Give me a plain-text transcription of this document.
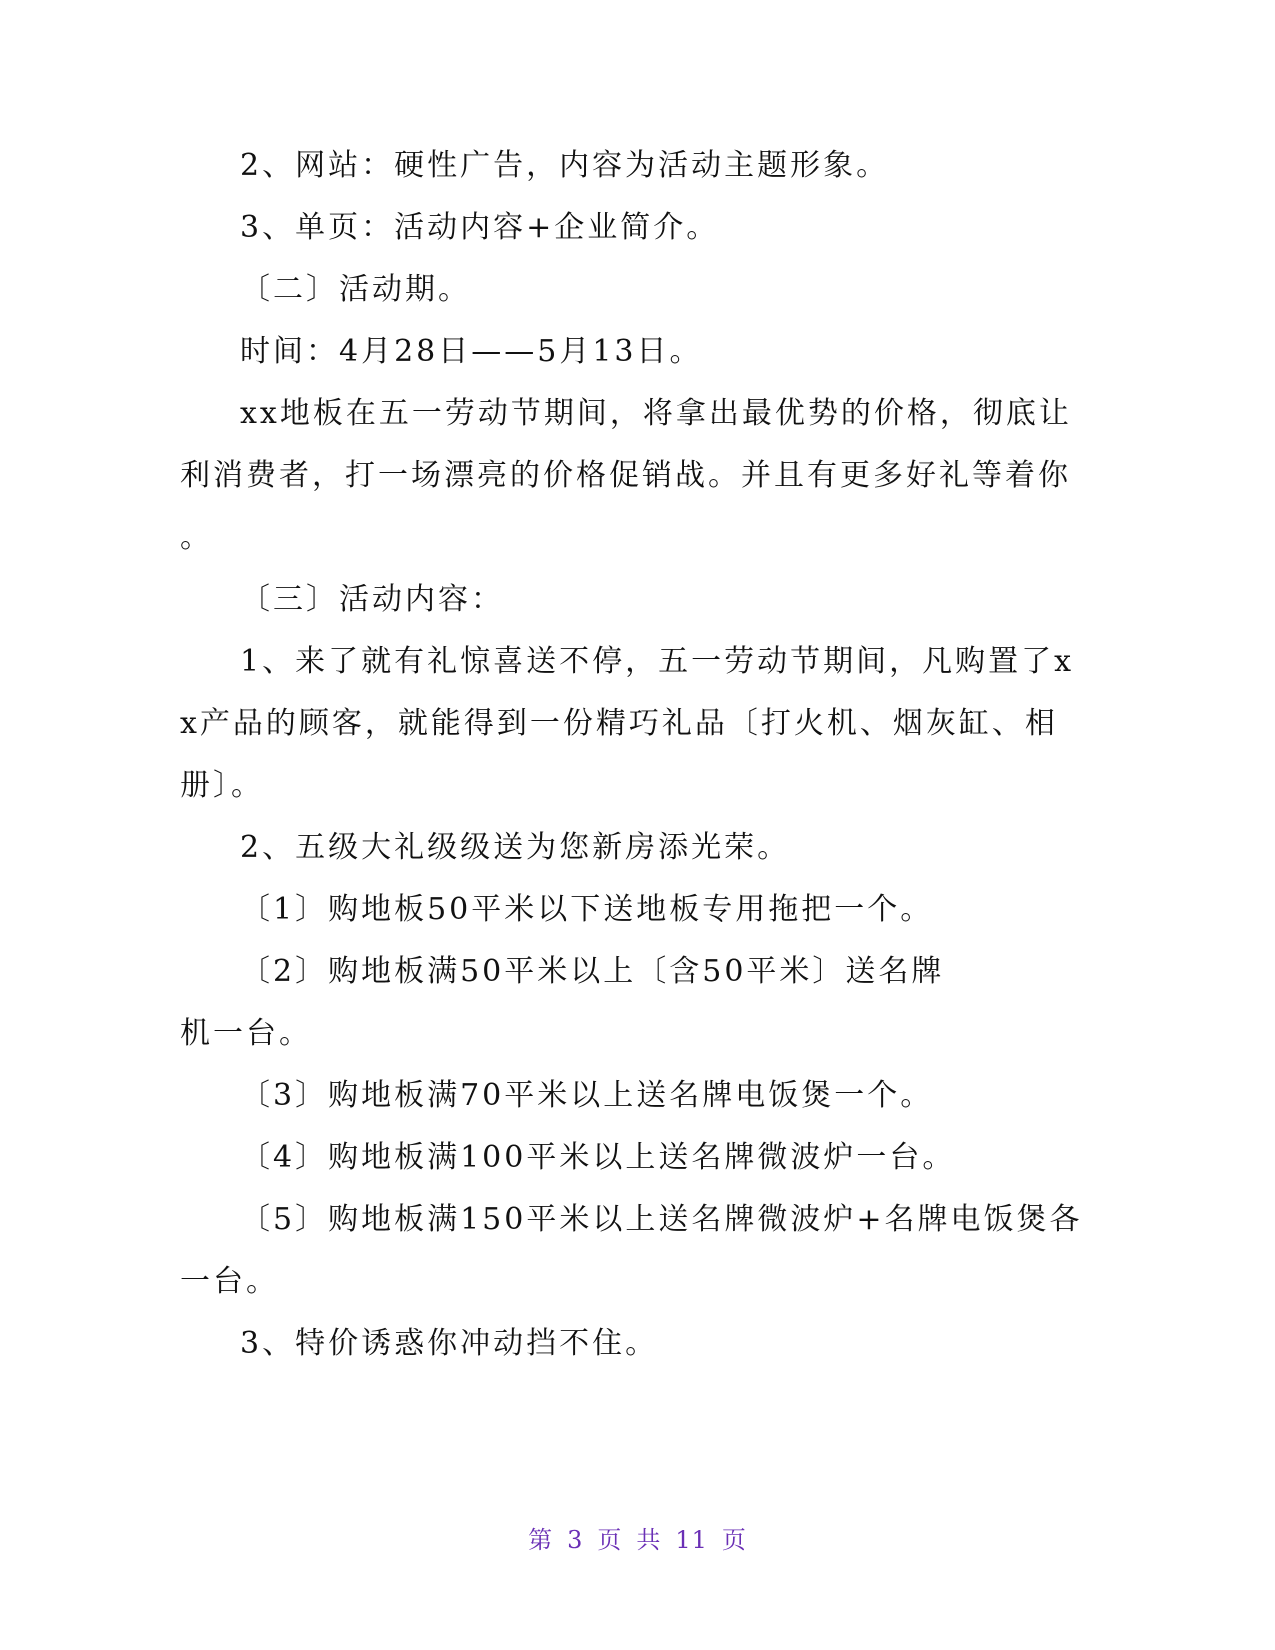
2、网站：硬性广告，内容为活动主题形象。
3、单页：活动内容+企业简介。
〔二〕活动期。
时间：4月28日——5月13日。
xx地板在五一劳动节期间，将拿出最优势的价格，彻底让
利消费者，打一场漂亮的价格促销战。并且有更多好礼等着你
。
〔三〕活动内容：
1、来了就有礼惊喜送不停，五一劳动节期间，凡购置了x
x产品的顾客，就能得到一份精巧礼品〔打火机、烟灰缸、相
册〕。
2、五级大礼级级送为您新房添光荣。
〔1〕购地板50平米以下送地板专用拖把一个。
〔2〕购地板满50平米以上〔含50平米〕送名牌
机一台。
〔3〕购地板满70平米以上送名牌电饭煲一个。
〔4〕购地板满100平米以上送名牌微波炉一台。
〔5〕购地板满150平米以上送名牌微波炉+名牌电饭煲各
一台。
3、特价诱惑你冲动挡不住。
第 3 页 共 11 页
